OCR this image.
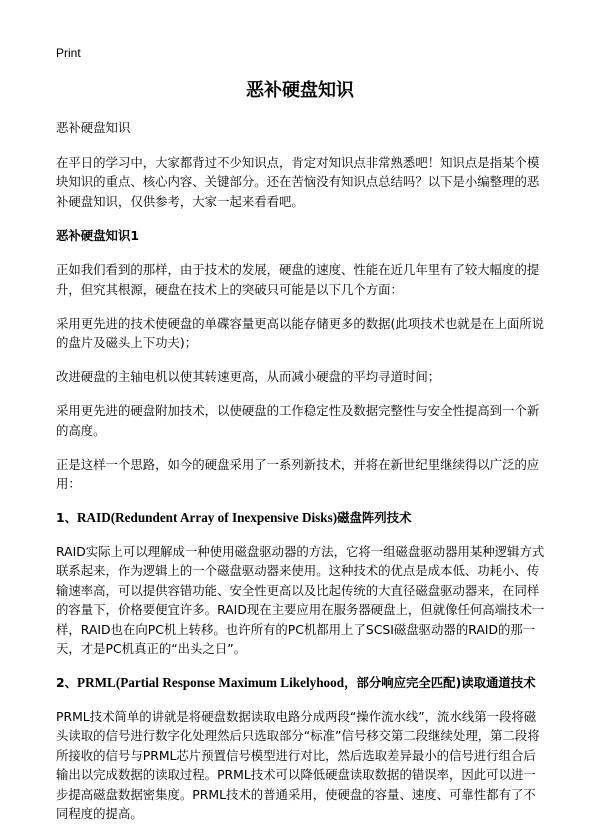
Print
恶补硬盘知识

恶补硬盘知识

在平日的学习中，大家都背过不少知识点，肯定对知识点非常熟悉吧！知识点是指某个模块知识的重点、核心内容、关键部分。还在苦恼没有知识点总结吗？以下是小编整理的恶补硬盘知识，仅供参考，大家一起来看看吧。

恶补硬盘知识1

正如我们看到的那样，由于技术的发展，硬盘的速度、性能在近几年里有了较大幅度的提升，但究其根源，硬盘在技术上的突破只可能是以下几个方面：

采用更先进的技术使硬盘的单碟容量更高以能存储更多的数据(此项技术也就是在上面所说的盘片及磁头上下功夫)；

改进硬盘的主轴电机以使其转速更高，从而减小硬盘的平均寻道时间；

采用更先进的硬盘附加技术，以使硬盘的工作稳定性及数据完整性与安全性提高到一个新的高度。

正是这样一个思路，如今的硬盘采用了一系列新技术，并将在新世纪里继续得以广泛的应用：

1、RAID(Redundent Array of Inexpensive Disks)磁盘阵列技术

RAID实际上可以理解成一种使用磁盘驱动器的方法，它将一组磁盘驱动器用某种逻辑方式联系起来，作为逻辑上的一个磁盘驱动器来使用。这种技术的优点是成本低、功耗小、传输速率高，可以提供容错功能、安全性更高以及比起传统的大直径磁盘驱动器来，在同样的容量下，价格要便宜许多。RAID现在主要应用在服务器硬盘上，但就像任何高端技术一样，RAID也在向PC机上转移。也许所有的PC机都用上了SCSI磁盘驱动器的RAID的那一天，才是PC机真正的“出头之日”。

2、PRML(Partial Response Maximum Likelyhood，部分响应完全匹配)读取通道技术

PRML技术简单的讲就是将硬盘数据读取电路分成两段“操作流水线”，流水线第一段将磁头读取的信号进行数字化处理然后只选取部分“标准”信号移交第二段继续处理，第二段将所接收的信号与PRML芯片预置信号模型进行对比，然后选取差异最小的信号进行组合后输出以完成数据的读取过程。PRML技术可以降低硬盘读取数据的错误率，因此可以进一步提高磁盘数据密集度。PRML技术的普通采用，使硬盘的容量、速度、可靠性都有了不同程度的提高。
